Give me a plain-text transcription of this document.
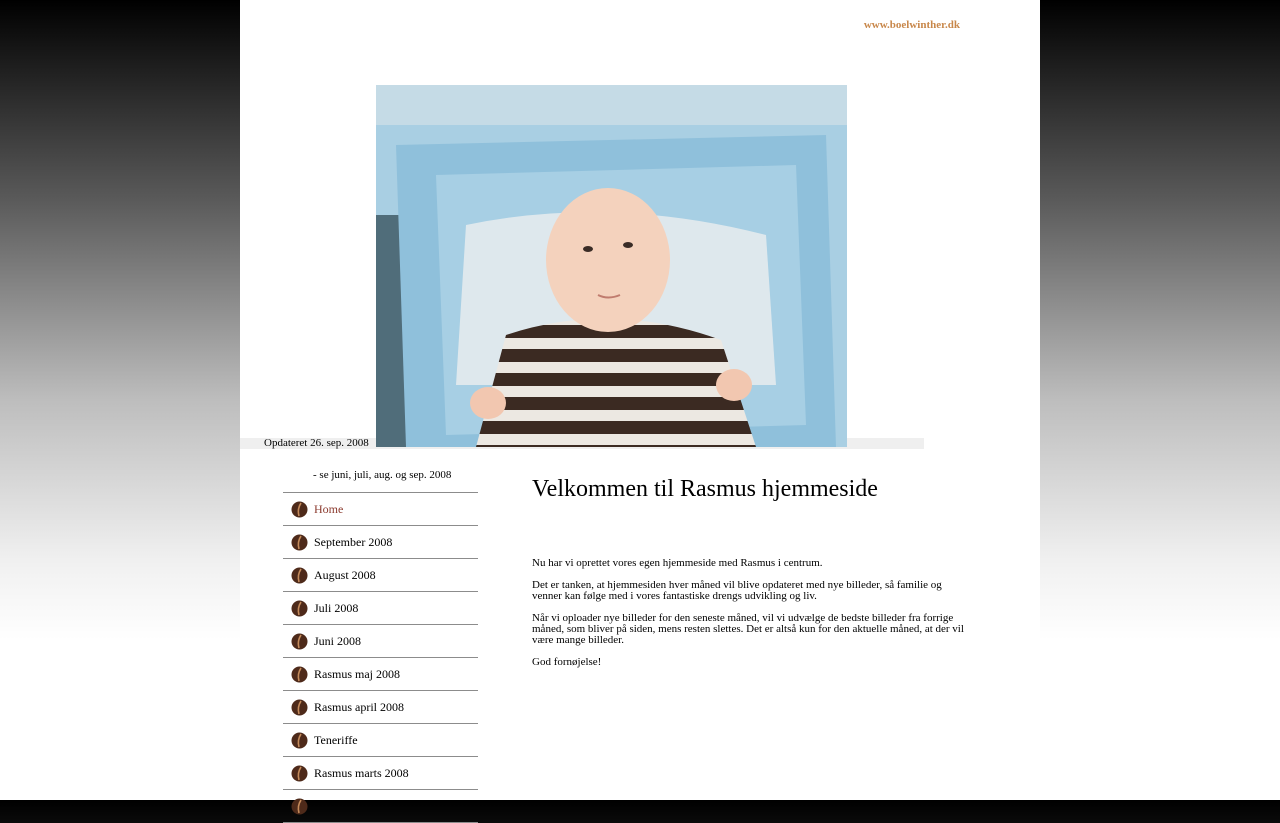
www.boelwinther.dk
Opdateret 26. sep. 2008
- se juni, juli, aug. og sep. 2008
Home
September 2008
August 2008
Juli 2008
Juni 2008
Rasmus maj 2008
Rasmus april 2008
Teneriffe
Rasmus marts 2008
Velkommen til Rasmus hjemmeside

Nu har vi oprettet vores egen hjemmeside med Rasmus i centrum.

Det er tanken, at hjemmesiden hver måned vil blive opdateret med nye billeder, så familie og venner kan følge med i vores fantastiske drengs udvikling og liv.

Når vi oploader nye billeder for den seneste måned, vil vi udvælge de bedste billeder fra forrige måned, som bliver på siden, mens resten slettes. Det er altså kun for den aktuelle måned, at der vil være mange billeder.

God fornøjelse!
